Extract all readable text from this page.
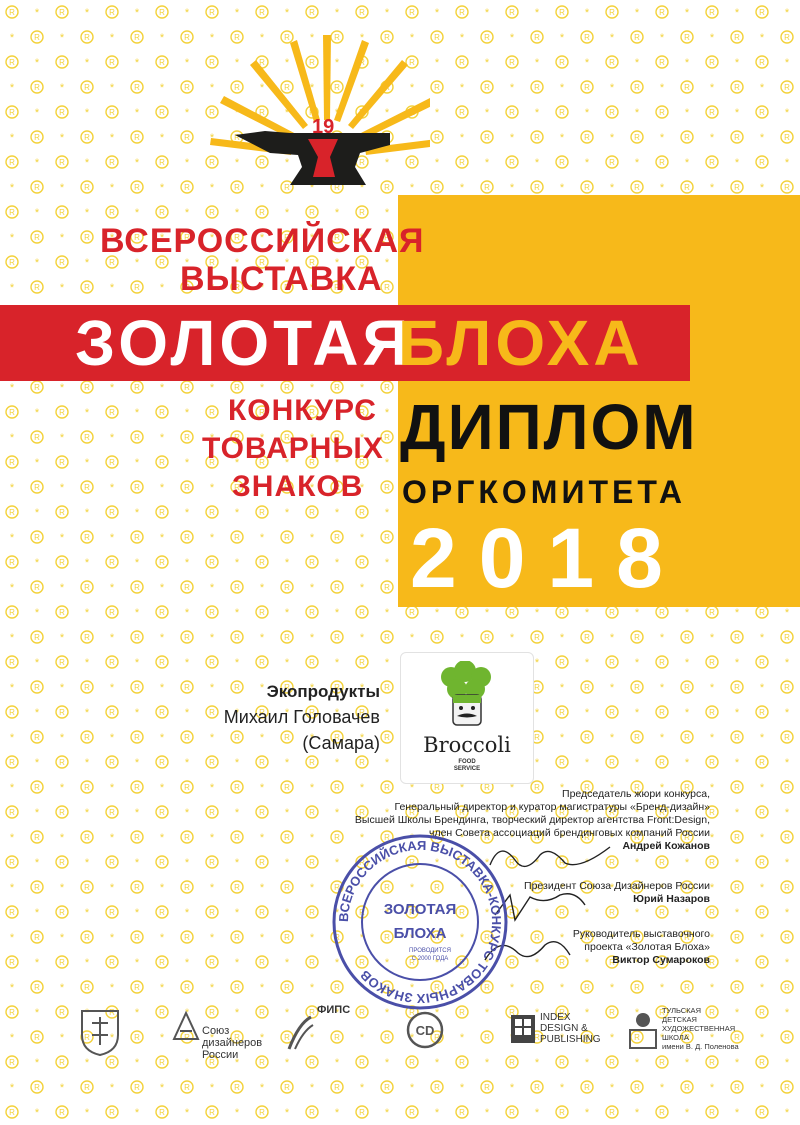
19
ВСЕРОССИЙСКАЯ
ВЫСТАВКА
ЗОЛОТАЯ
БЛОХА
КОНКУРС
ТОВАРНЫХ
ЗНАКОВ
ДИПЛОМ
ОРГКОМИТЕТА
2018
Экопродукты
Михаил Головачев
(Самара)	Broccoli
FOOD
SERVICE
Председатель жюри конкурса,
Генеральный директор и куратор магистратуры «Бренд-дизайн»
Высшей Школы Брендинга, творческий директор агентства Front:Design,
член Совета ассоциаций брендинговых компаний России
Андрей Кожанов
Президент Союза Дизайнеров России
Юрий Назаров
Руководитель выставочного
проекта «Золотая Блоха»
Виктор Сумароков
ВСЕРОССИЙСКАЯ ВЫСТАВКА-КОНКУРС ТОВАРНЫХ ЗНАКОВ
ЗОЛОТАЯ
БЛОХА
ПРОВОДИТСЯ
С 2000 ГОДА
Союз
дизайнеров
России
ФИПС
CD
INDEX
DESIGN &
PUBLISHING
ТУЛЬСКАЯ
ДЕТСКАЯ
ХУДОЖЕСТВЕННАЯ
ШКОЛА
имени В. Д. Поленова
